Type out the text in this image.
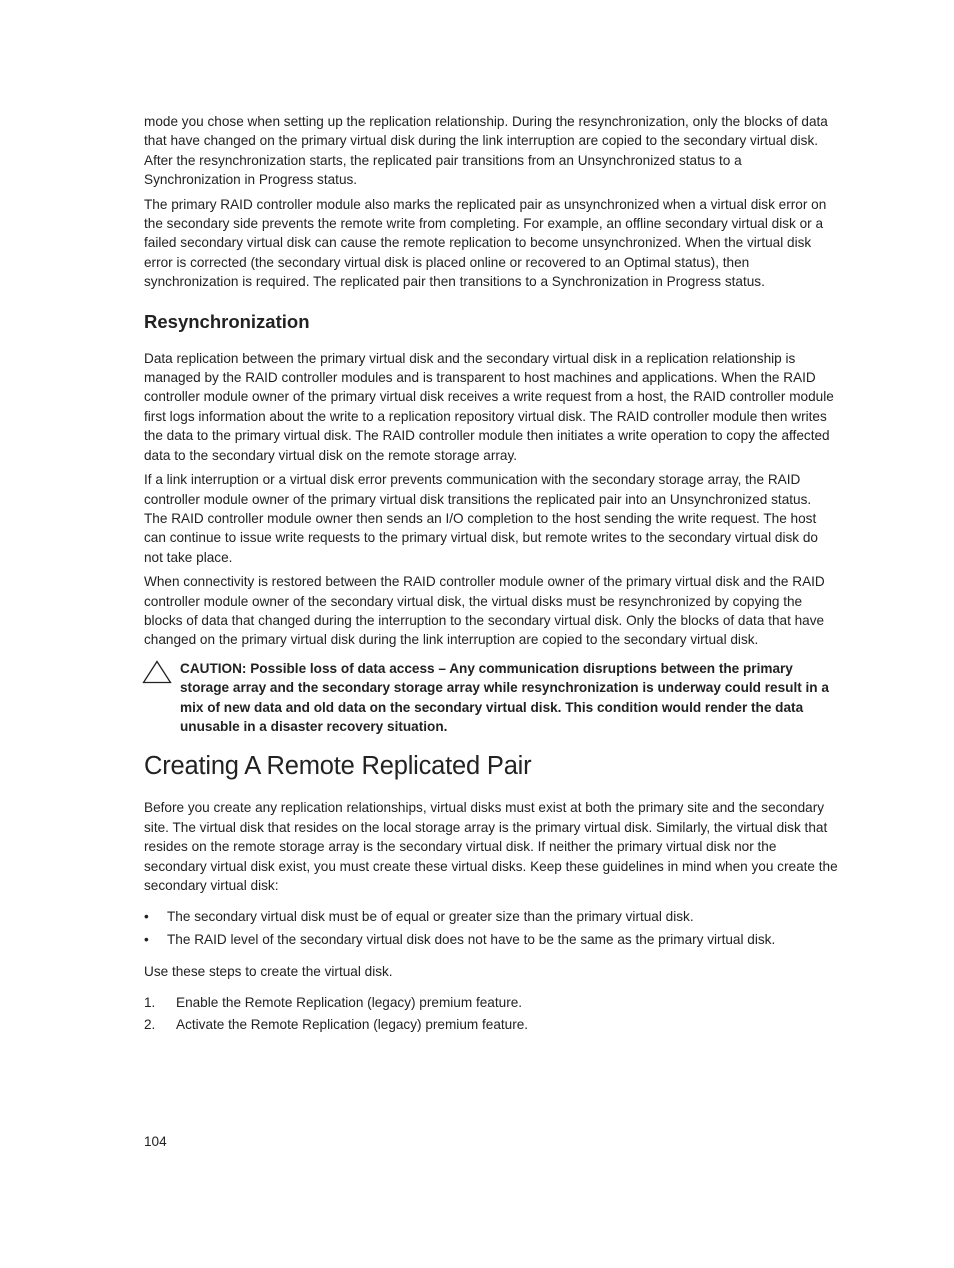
mode you chose when setting up the replication relationship. During the resynchronization, only the blocks of data that have changed on the primary virtual disk during the link interruption are copied to the secondary virtual disk. After the resynchronization starts, the replicated pair transitions from an Unsynchronized status to a Synchronization in Progress status.

The primary RAID controller module also marks the replicated pair as unsynchronized when a virtual disk error on the secondary side prevents the remote write from completing. For example, an offline secondary virtual disk or a failed secondary virtual disk can cause the remote replication to become unsynchronized. When the virtual disk error is corrected (the secondary virtual disk is placed online or recovered to an Optimal status), then synchronization is required. The replicated pair then transitions to a Synchronization in Progress status.

Resynchronization

Data replication between the primary virtual disk and the secondary virtual disk in a replication relationship is managed by the RAID controller modules and is transparent to host machines and applications. When the RAID controller module owner of the primary virtual disk receives a write request from a host, the RAID controller module first logs information about the write to a replication repository virtual disk. The RAID controller module then writes the data to the primary virtual disk. The RAID controller module then initiates a write operation to copy the affected data to the secondary virtual disk on the remote storage array.

If a link interruption or a virtual disk error prevents communication with the secondary storage array, the RAID controller module owner of the primary virtual disk transitions the replicated pair into an Unsynchronized status. The RAID controller module owner then sends an I/O completion to the host sending the write request. The host can continue to issue write requests to the primary virtual disk, but remote writes to the secondary virtual disk do not take place.

When connectivity is restored between the RAID controller module owner of the primary virtual disk and the RAID controller module owner of the secondary virtual disk, the virtual disks must be resynchronized by copying the blocks of data that changed during the interruption to the secondary virtual disk. Only the blocks of data that have changed on the primary virtual disk during the link interruption are copied to the secondary virtual disk.

CAUTION: Possible loss of data access – Any communication disruptions between the primary storage array and the secondary storage array while resynchronization is underway could result in a mix of new data and old data on the secondary virtual disk. This condition would render the data unusable in a disaster recovery situation.
Creating A Remote Replicated Pair

Before you create any replication relationships, virtual disks must exist at both the primary site and the secondary site. The virtual disk that resides on the local storage array is the primary virtual disk. Similarly, the virtual disk that resides on the remote storage array is the secondary virtual disk. If neither the primary virtual disk nor the secondary virtual disk exist, you must create these virtual disks. Keep these guidelines in mind when you create the secondary virtual disk:

• The secondary virtual disk must be of equal or greater size than the primary virtual disk.
• The RAID level of the secondary virtual disk does not have to be the same as the primary virtual disk.

Use these steps to create the virtual disk.

1. Enable the Remote Replication (legacy) premium feature.
2. Activate the Remote Replication (legacy) premium feature.
104
